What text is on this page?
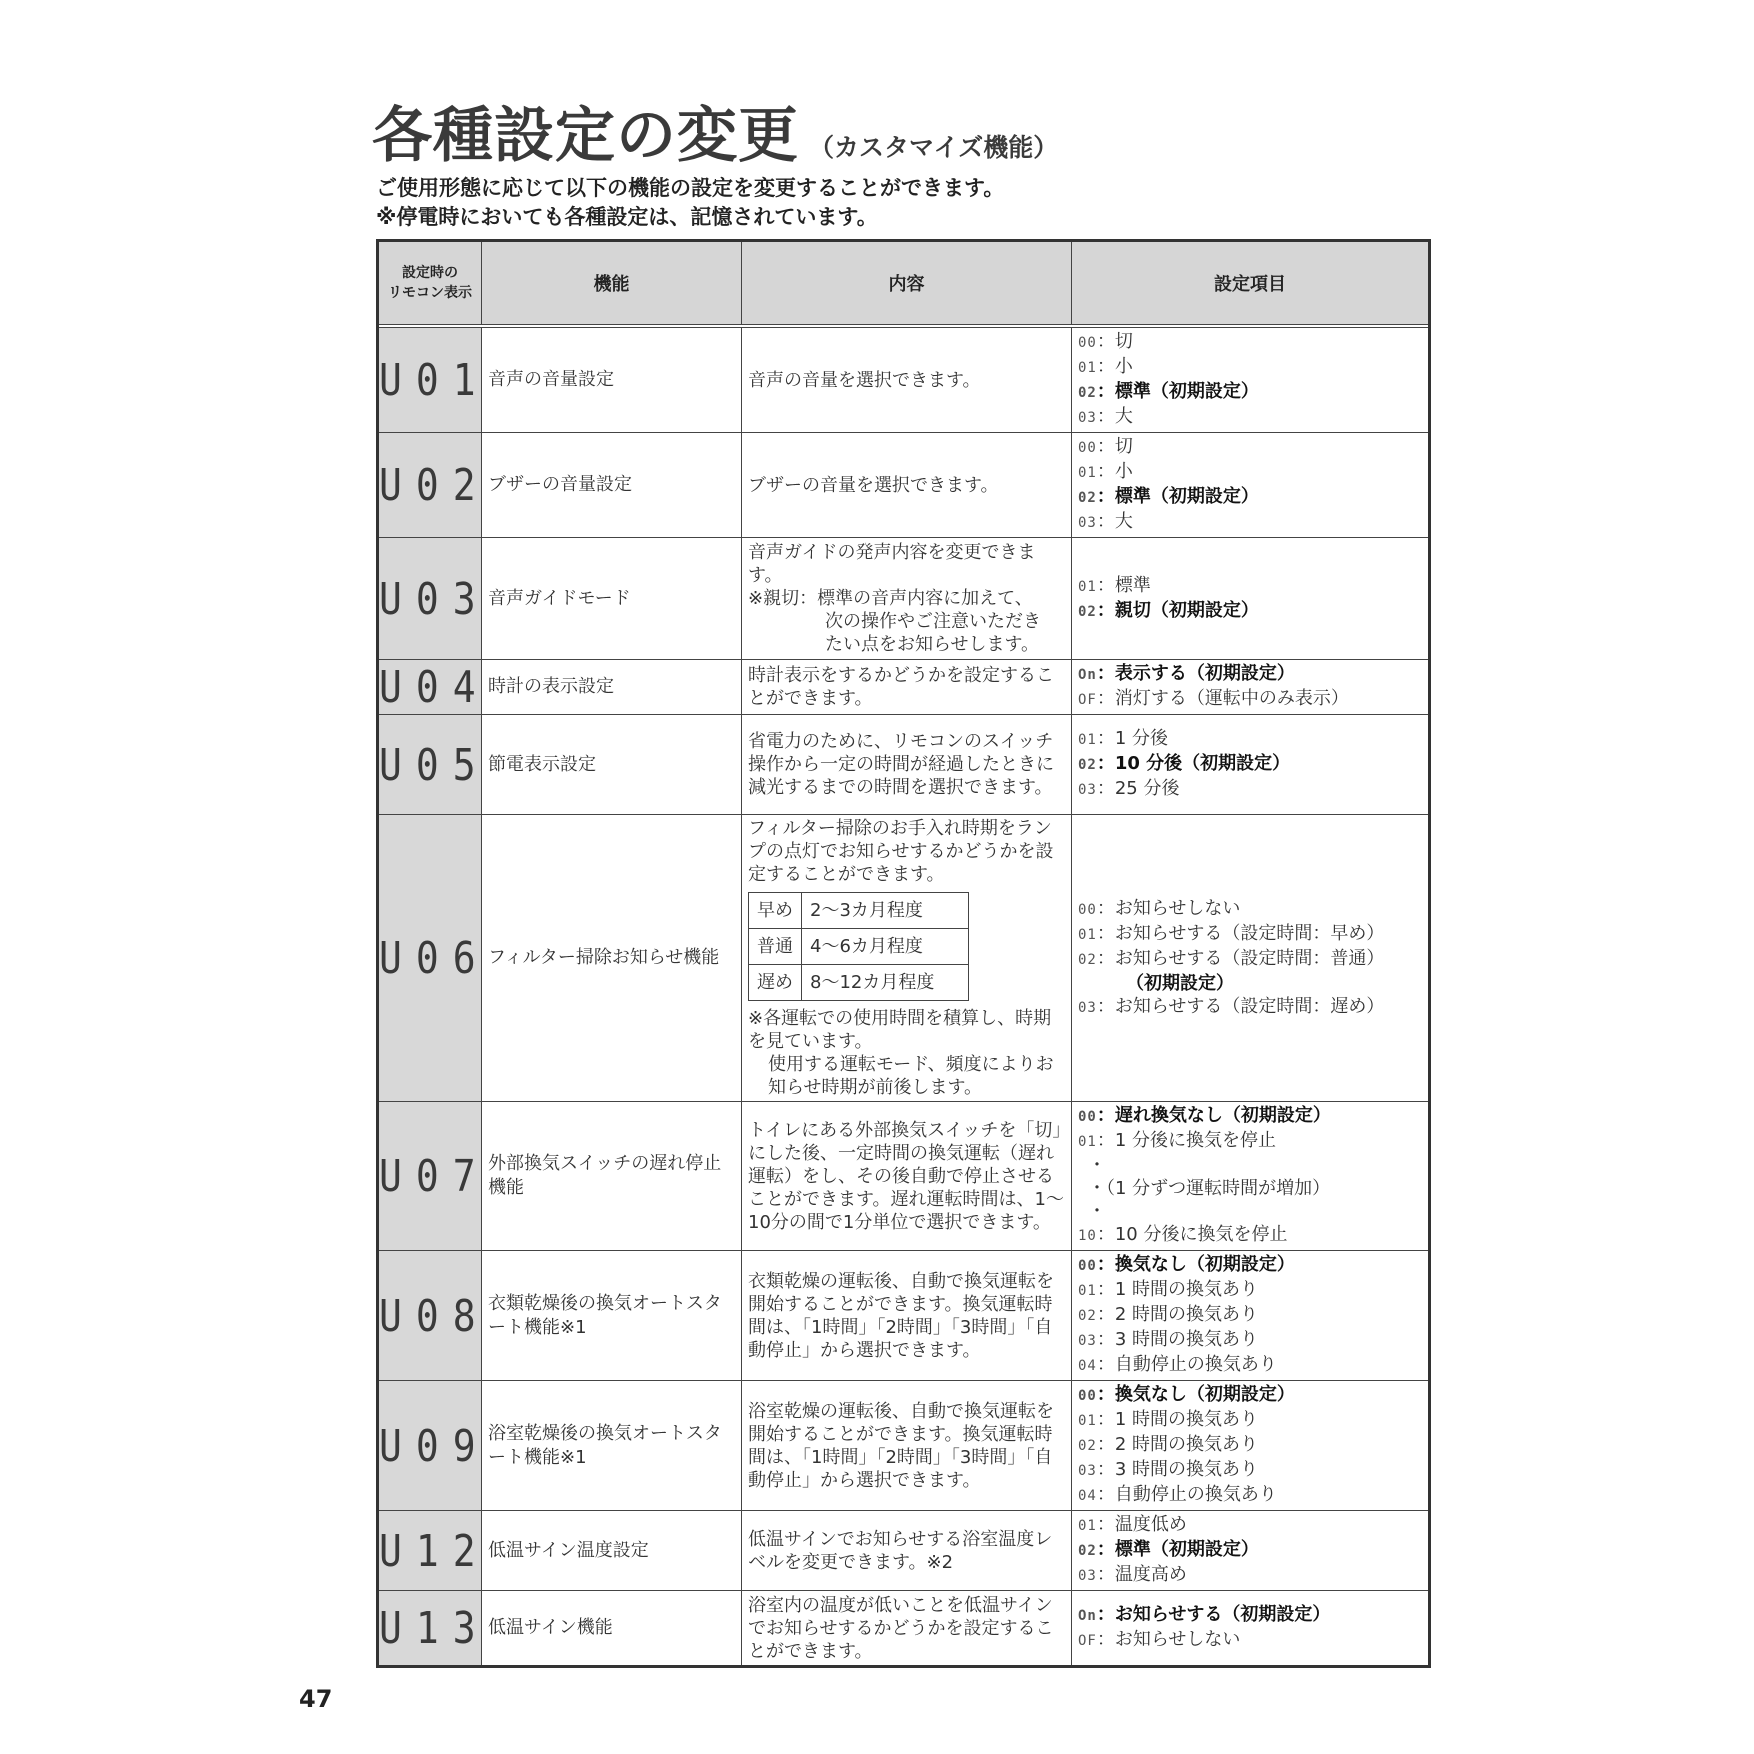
各種設定の変更 （カスタマイズ機能）
ご使用形態に応じて以下の機能の設定を変更することができます。
※停電時においても各種設定は、記憶されています。
設定時の
リモコン表示	機能	内容	設定項目

U01	音声の音量設定	音声の音量を選択できます。	
00：切
01：小
02：標準（初期設定）
03：大

U02	ブザーの音量設定	ブザーの音量を選択できます。	
00：切
01：小
02：標準（初期設定）
03：大

U03	音声ガイドモード	
音声ガイドの発声内容を変更できます。
※親切：標準の音声内容に加えて、
次の操作やご注意いただき
たい点をお知らせします。

01：標準
02：親切（初期設定）

U04	時計の表示設定	時計表示をするかどうかを設定することができます。	
On：表示する（初期設定）
OF：消灯する（運転中のみ表示）

U05	節電表示設定	省電力のために、リモコンのスイッチ操作から一定の時間が経過したときに減光するまでの時間を選択できます。	
01：1 分後
02：10 分後（初期設定）
03：25 分後

U06	フィルター掃除お知らせ機能	
フィルター掃除のお手入れ時期をランプの点灯でお知らせするかどうかを設定することができます。
早め	2～3カ月程度
普通	4～6カ月程度
遅め	8～12カ月程度
※各運転での使用時間を積算し、時期を見ています。
使用する運転モード、頻度によりお知らせ時期が前後します。

00：お知らせしない
01：お知らせする（設定時間：早め）
02：お知らせする（設定時間：普通）
（初期設定）
03：お知らせする（設定時間：遅め）

U07	外部換気スイッチの遅れ停止機能	トイレにある外部換気スイッチを「切」にした後、一定時間の換気運転（遅れ運転）をし、その後自動で停止させることができます。遅れ運転時間は、1～10分の間で1分単位で選択できます。	
00：遅れ換気なし（初期設定）
01：1 分後に換気を停止
・
・（1 分ずつ運転時間が増加）
・
10：10 分後に換気を停止

U08	衣類乾燥後の換気オートスタート機能※1	衣類乾燥の運転後、自動で換気運転を開始することができます。換気運転時間は、「1時間」「2時間」「3時間」「自動停止」から選択できます。	
00：換気なし（初期設定）
01：1 時間の換気あり
02：2 時間の換気あり
03：3 時間の換気あり
04：自動停止の換気あり

U09	浴室乾燥後の換気オートスタート機能※1	浴室乾燥の運転後、自動で換気運転を開始することができます。換気運転時間は、「1時間」「2時間」「3時間」「自動停止」から選択できます。	
00：換気なし（初期設定）
01：1 時間の換気あり
02：2 時間の換気あり
03：3 時間の換気あり
04：自動停止の換気あり

U12	低温サイン温度設定	低温サインでお知らせする浴室温度レベルを変更できます。※2	
01：温度低め
02：標準（初期設定）
03：温度高め

U13	低温サイン機能	浴室内の温度が低いことを低温サインでお知らせするかどうかを設定することができます。	
On：お知らせする（初期設定）
OF：お知らせしない
47
